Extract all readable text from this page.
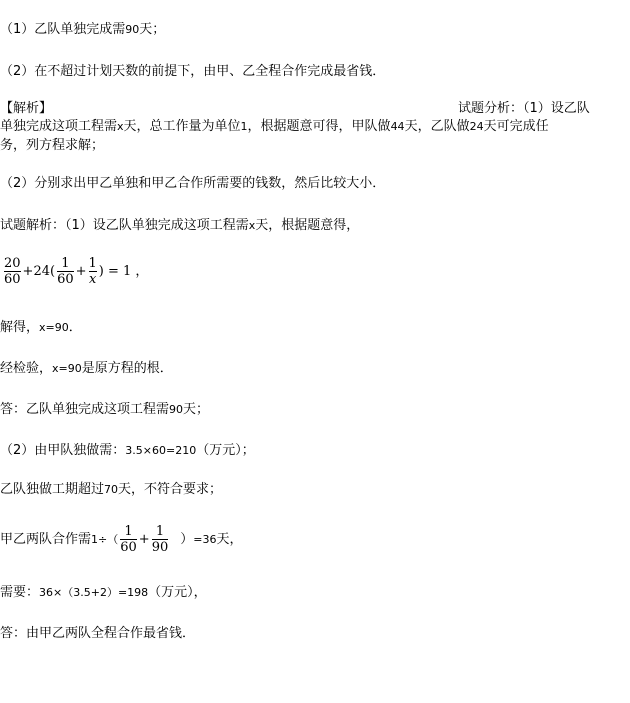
（1）乙队单独完成需90天；
（2）在不超过计划天数的前提下，由甲、乙全程合作完成最省钱．
【解析】	试题分析：（1）设乙队
单独完成这项工程需x天，总工作量为单位1，根据题意可得，甲队做44天，乙队做24天可完成任
务，列方程求解；
（2）分别求出甲乙单独和甲乙合作所需要的钱数，然后比较大小．
试题解析：（1）设乙队单独完成这项工程需x天，根据题意得，
$\frac{20}{60} +24( \frac{1}{60} + \frac{1}{x}$ ) = 1 ，
解得，x=90．
经检验，x=90是原方程的根．
答：乙队单独完成这项工程需90天；
（2）由甲队独做需：3.5×60=210（万元）；
乙队独做工期超过70天，不符合要求；
甲乙两队合作需$1\div( \frac{1}{60} + \frac{1}{90} )=36$天，
需要：36×（3.5+2）=198（万元），
答：由甲乙两队全程合作最省钱．
